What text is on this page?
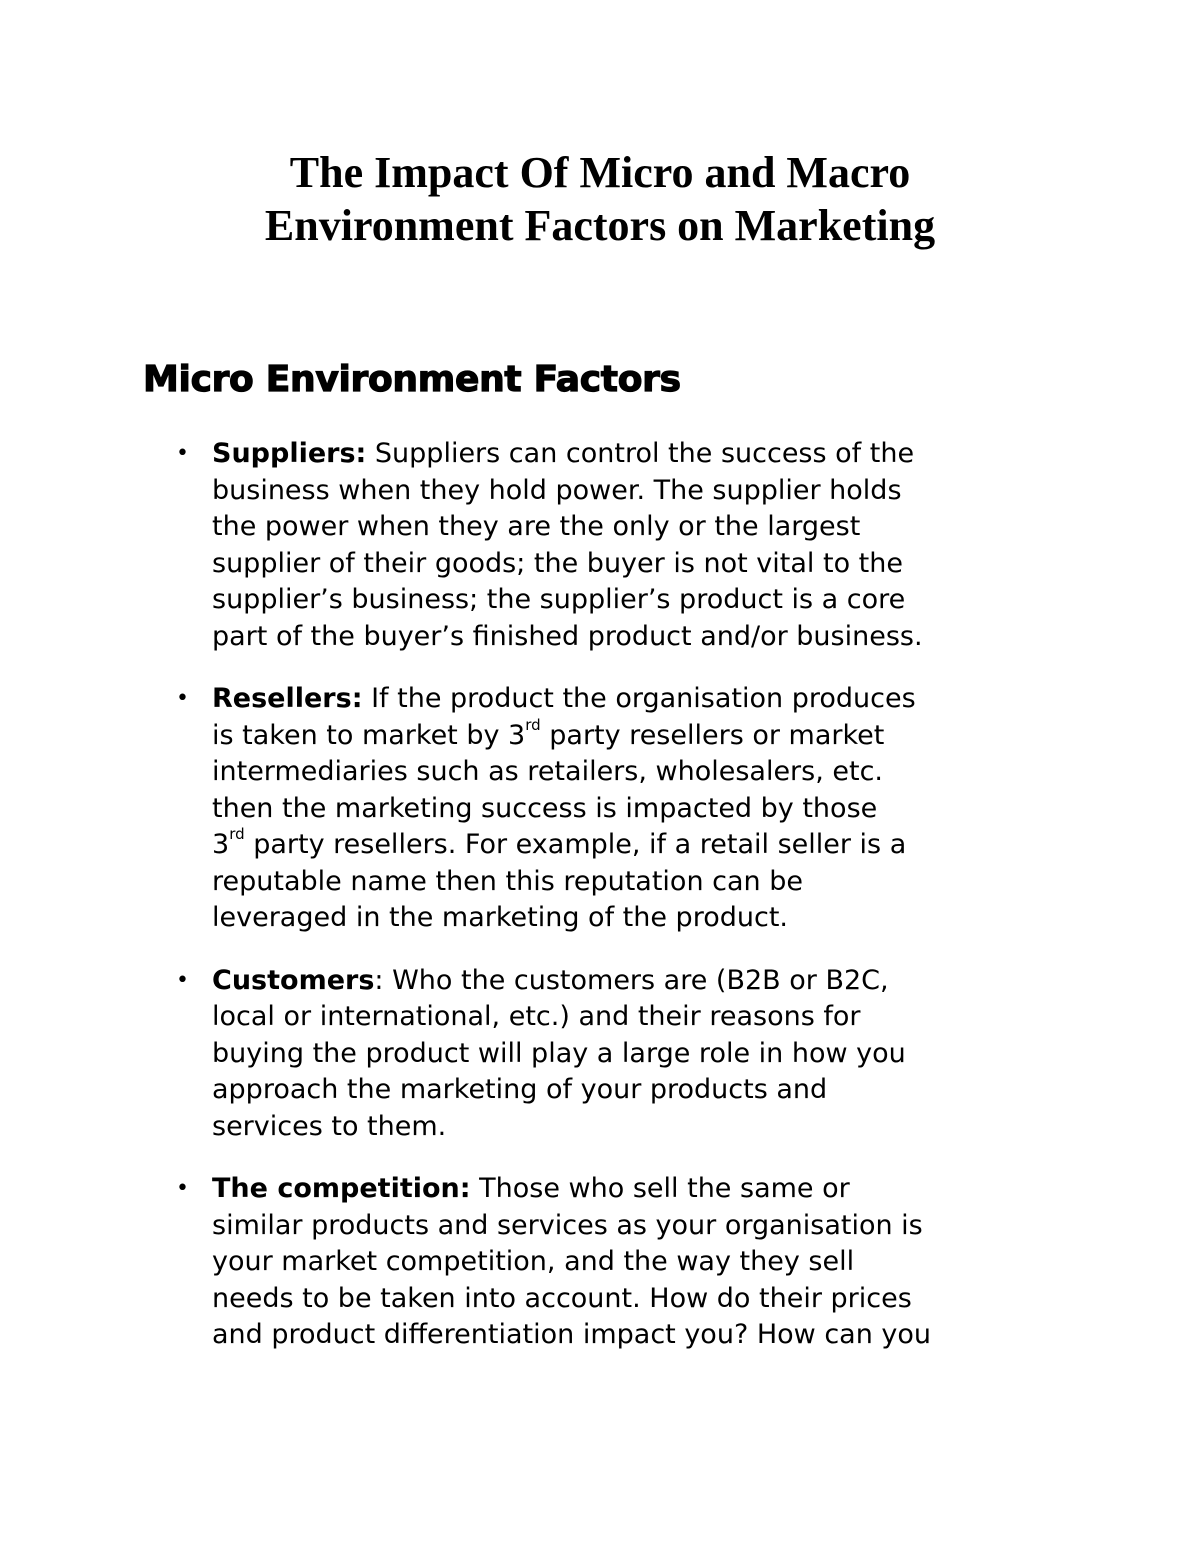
The Impact Of Micro and Macro
Environment Factors on Marketing
Micro Environment Factors
• Suppliers: Suppliers can control the success of the
business when they hold power. The supplier holds
the power when they are the only or the largest
supplier of their goods; the buyer is not vital to the
supplier’s business; the supplier’s product is a core
part of the buyer’s finished product and/or business.
• Resellers: If the product the organisation produces
is taken to market by 3rd party resellers or market
intermediaries such as retailers, wholesalers, etc.
then the marketing success is impacted by those
3rd party resellers. For example, if a retail seller is a
reputable name then this reputation can be
leveraged in the marketing of the product.
• Customers: Who the customers are (B2B or B2C,
local or international, etc.) and their reasons for
buying the product will play a large role in how you
approach the marketing of your products and
services to them.
• The competition: Those who sell the same or
similar products and services as your organisation is
your market competition, and the way they sell
needs to be taken into account. How do their prices
and product differentiation impact you? How can you
